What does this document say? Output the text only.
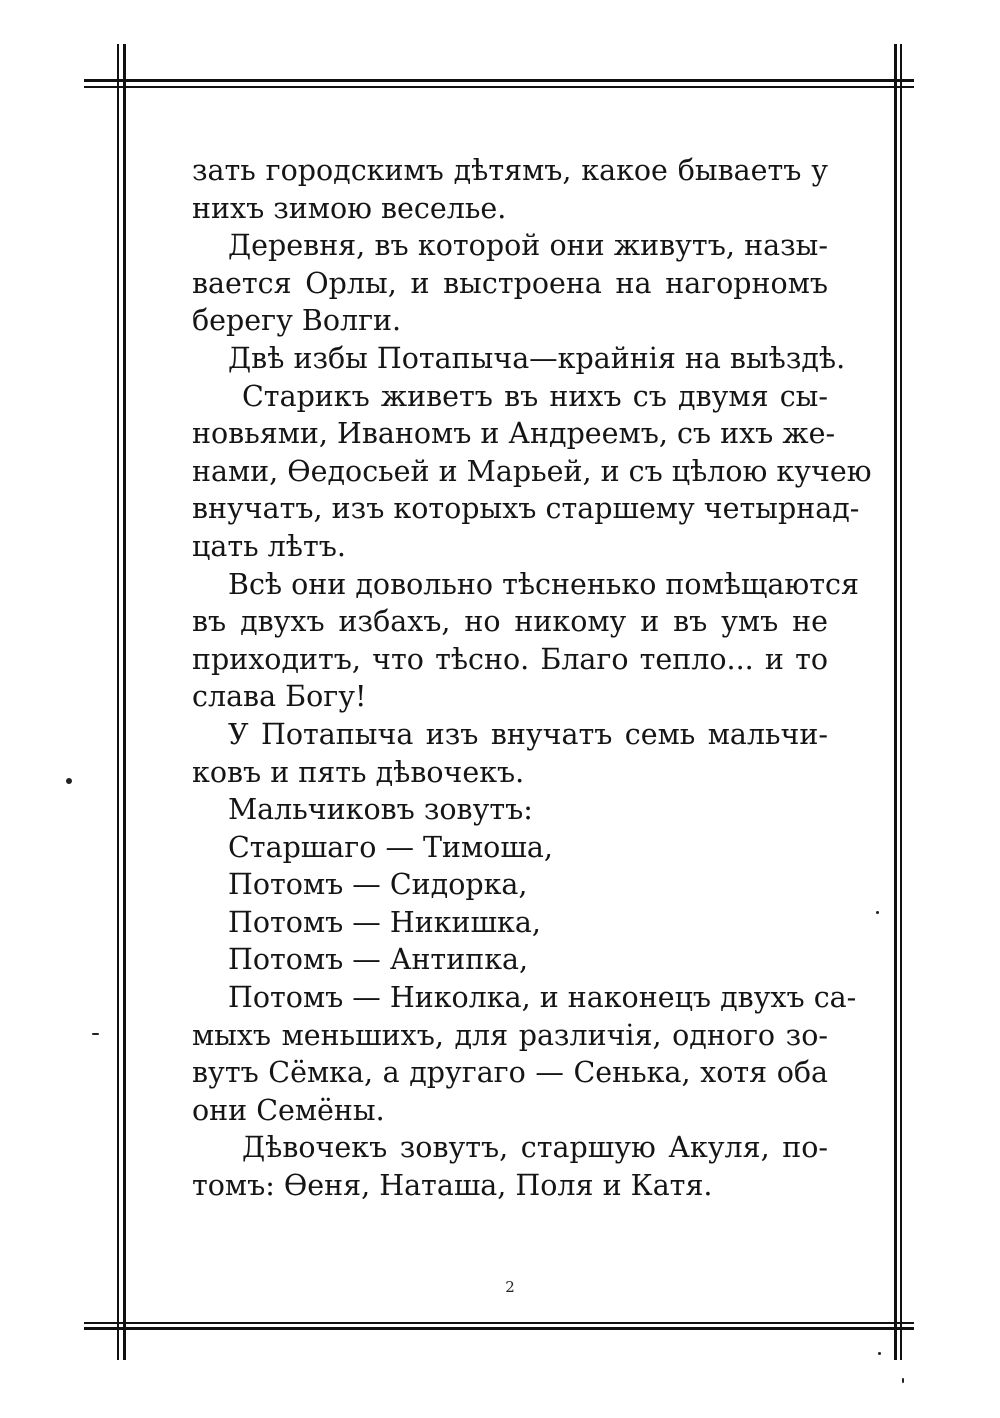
зать городскимъ дѣтямъ, какое бываетъ у
нихъ зимою веселье.
Деревня, въ которой они живутъ, назы-
вается Орлы, и выстроена на нагорномъ
берегу Волги.
Двѣ избы Потапыча—крайнія на выѣздѣ.
Старикъ живетъ въ нихъ съ двумя сы-
новьями, Иваномъ и Андреемъ, съ ихъ же-
нами, Ѳедосьей и Марьей, и съ цѣлою кучею
внучатъ, изъ которыхъ старшему четырнад-
цать лѣтъ.
Всѣ они довольно тѣсненько помѣщаются
въ двухъ избахъ, но никому и въ умъ не
приходитъ, что тѣсно. Благо тепло... и то
слава Богу!
У Потапыча изъ внучатъ семь мальчи-
ковъ и пять дѣвочекъ.
Мальчиковъ зовутъ:
Старшаго — Тимоша,
Потомъ — Сидорка,
Потомъ — Никишка,
Потомъ — Антипка,
Потомъ — Николка, и наконецъ двухъ са-
мыхъ меньшихъ, для различія, одного зо-
вутъ Сёмка, а другаго — Сенька, хотя оба
они Семёны.
Дѣвочекъ зовутъ, старшую Акуля, по-
томъ: Ѳеня, Наташа, Поля и Катя.
2
